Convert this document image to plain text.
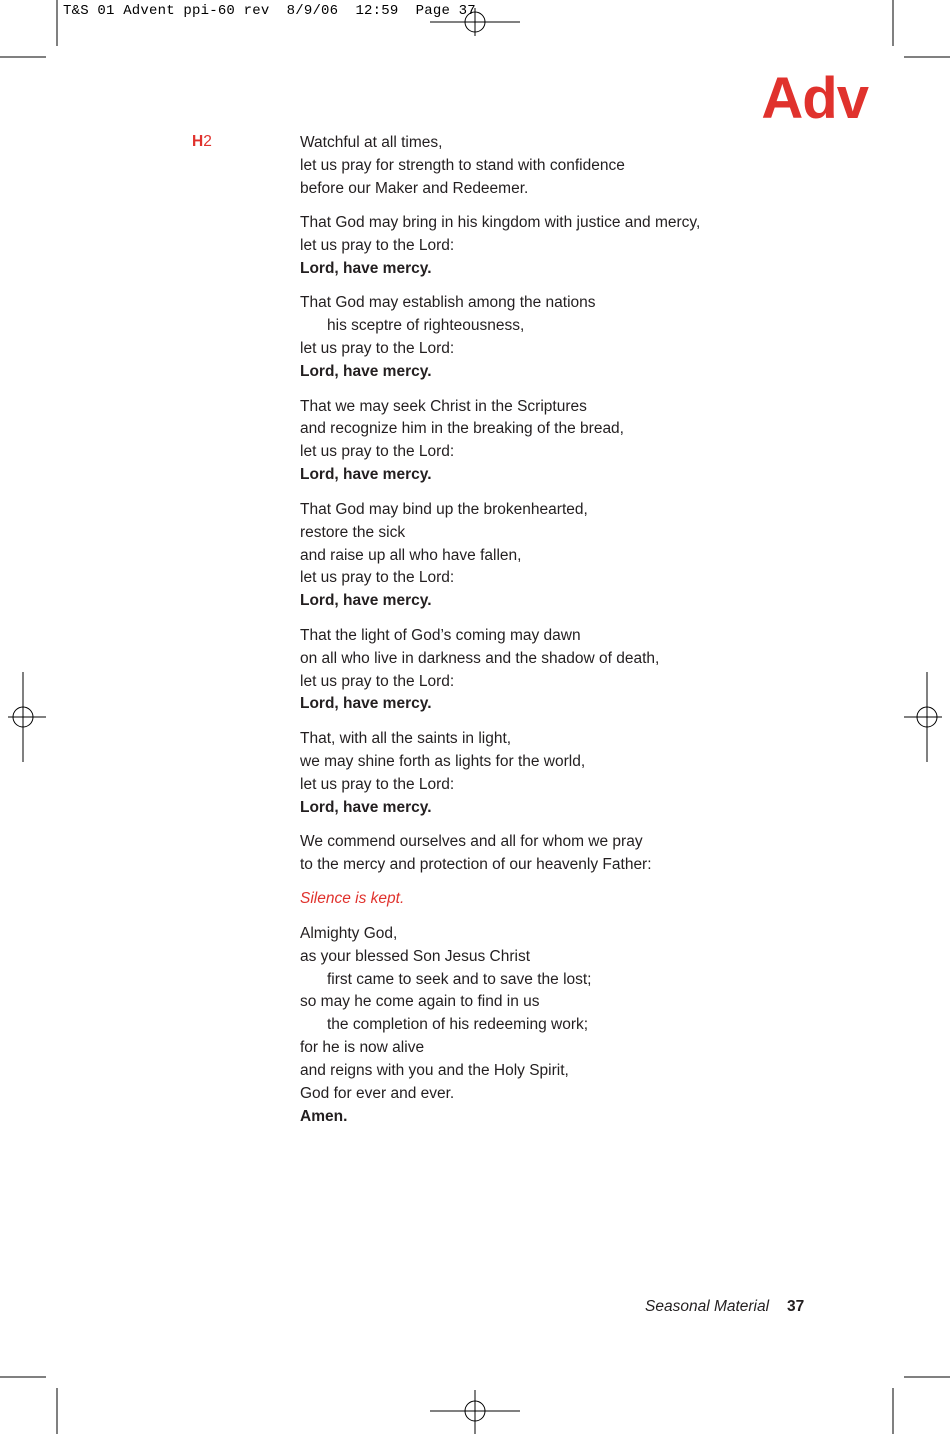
T&S 01 Advent ppi-60 rev  8/9/06  12:59  Page 37
Adv
H2	Watchful at all times,
let us pray for strength to stand with confidence
before our Maker and Redeemer.
That God may bring in his kingdom with justice and mercy,
let us pray to the Lord:
Lord, have mercy.
That God may establish among the nations
his sceptre of righteousness,
let us pray to the Lord:
Lord, have mercy.
That we may seek Christ in the Scriptures
and recognize him in the breaking of the bread,
let us pray to the Lord:
Lord, have mercy.
That God may bind up the brokenhearted,
restore the sick
and raise up all who have fallen,
let us pray to the Lord:
Lord, have mercy.
That the light of God’s coming may dawn
on all who live in darkness and the shadow of death,
let us pray to the Lord:
Lord, have mercy.
That, with all the saints in light,
we may shine forth as lights for the world,
let us pray to the Lord:
Lord, have mercy.
We commend ourselves and all for whom we pray
to the mercy and protection of our heavenly Father:
Silence is kept.
Almighty God,
as your blessed Son Jesus Christ
first came to seek and to save the lost;
so may he come again to find in us
the completion of his redeeming work;
for he is now alive
and reigns with you and the Holy Spirit,
God for ever and ever.
Amen.
Seasonal Material 37
